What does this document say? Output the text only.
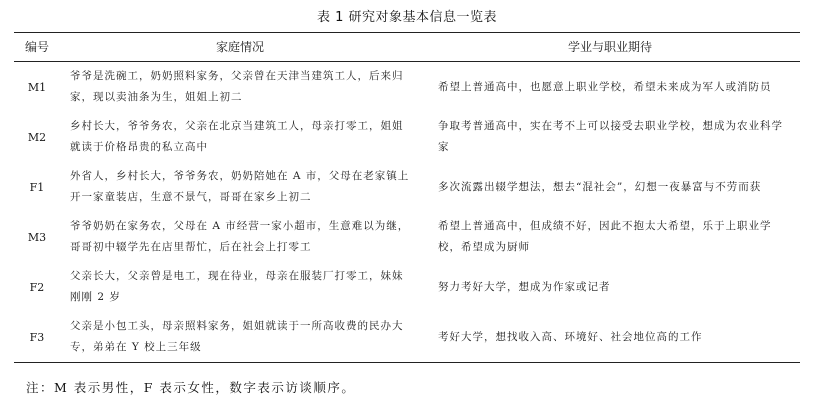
表 1 研究对象基本信息一览表
编号	家庭情况	学业与职业期待
M1	爷爷是洗碗工，奶奶照料家务，父亲曾在天津当建筑工人，后来归家，现以卖油条为生，姐姐上初二	希望上普通高中，也愿意上职业学校，希望未来成为军人或消防员
M2	乡村长大，爷爷务农，父亲在北京当建筑工人，母亲打零工，姐姐就读于价格昂贵的私立高中	争取考普通高中，实在考不上可以接受去职业学校，想成为农业科学家
F1	外省人，乡村长大，爷爷务农，奶奶陪她在 A 市，父母在老家镇上开一家童装店，生意不景气，哥哥在家乡上初二	多次流露出辍学想法，想去“混社会”，幻想一夜暴富与不劳而获
M3	爷爷奶奶在家务农，父母在 A 市经营一家小超市，生意难以为继，哥哥初中辍学先在店里帮忙，后在社会上打零工	希望上普通高中，但成绩不好，因此不抱太大希望，乐于上职业学校，希望成为厨师
F2	父亲长大，父亲曾是电工，现在待业，母亲在服装厂打零工，妹妹刚刚 2 岁	努力考好大学，想成为作家或记者
F3	父亲是小包工头，母亲照料家务，姐姐就读于一所高收费的民办大专，弟弟在 Y 校上三年级	考好大学，想找收入高、环境好、社会地位高的工作
注：M 表示男性，F 表示女性，数字表示访谈顺序。
